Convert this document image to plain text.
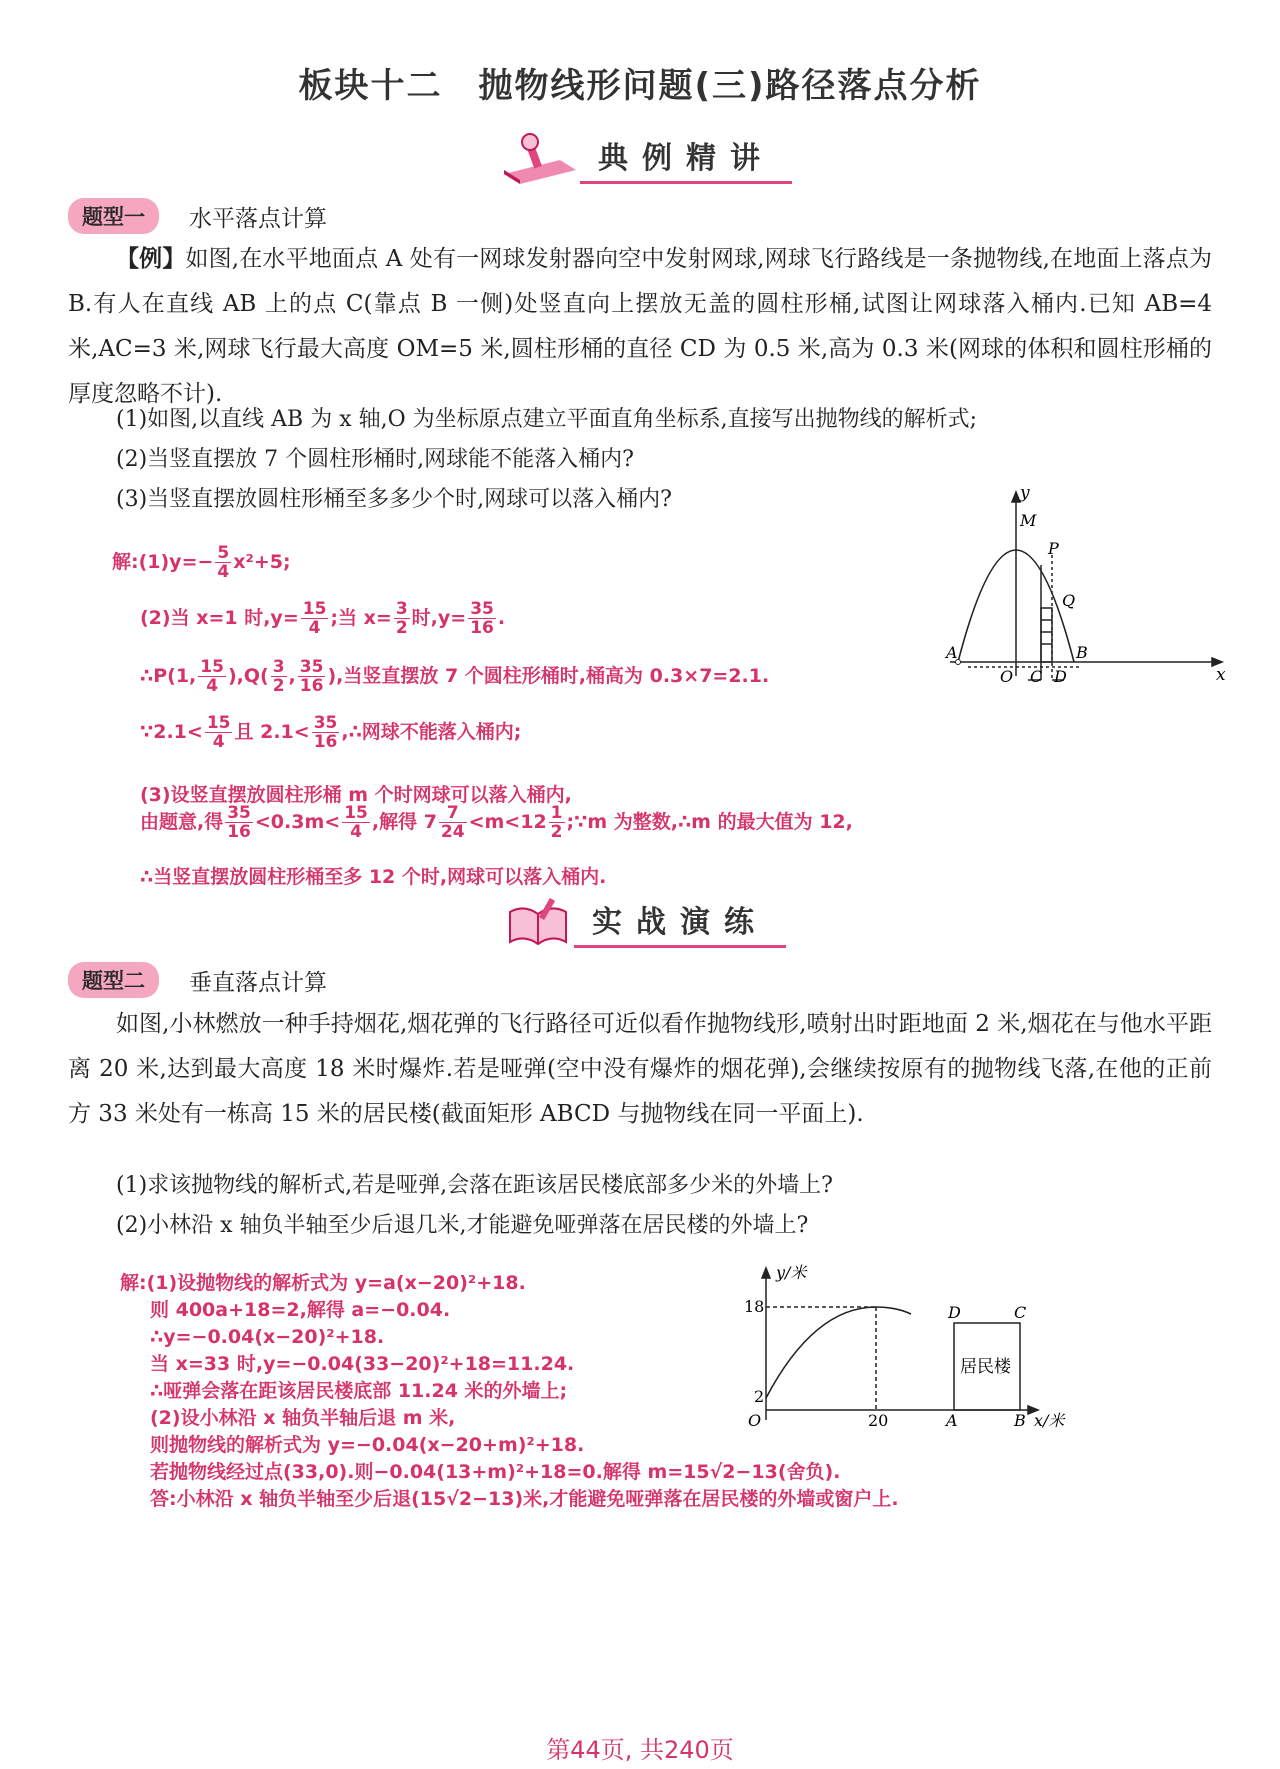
板块十二　抛物线形问题(三)路径落点分析
典例精讲
题型一	水平落点计算
【例】如图,在水平地面点 A 处有一网球发射器向空中发射网球,网球飞行路线是一条抛物线,在地面上落点为 B.有人在直线 AB 上的点 C(靠点 B 一侧)处竖直向上摆放无盖的圆柱形桶,试图让网球落入桶内.已知 AB=4 米,AC=3 米,网球飞行最大高度 OM=5 米,圆柱形桶的直径 CD 为 0.5 米,高为 0.3 米(网球的体积和圆柱形桶的厚度忽略不计).
(1)如图,以直线 AB 为 x 轴,O 为坐标原点建立平面直角坐标系,直接写出抛物线的解析式;
(2)当竖直摆放 7 个圆柱形桶时,网球能不能落入桶内?
(3)当竖直摆放圆柱形桶至多多少个时,网球可以落入桶内?
解:(1)y=− $\frac{5}{4} x^2+5$;
(2)当 x=1 时$,y= \frac{15}{4}$ ;当 $x= \frac{3}{2}$ 时$,y= \frac{35}{16}$ .
∴P(1, $\frac{15}{4} ),Q( \frac{3}{2}$ , $\frac{35}{16}$ ),当竖直摆放 7 个圆柱形桶时,桶高为 0.3×7=2.1.
∵2.1< $\frac{15}{4}$ 且 $2.1< \frac{35}{16}$ ,∴网球不能落入桶内;
(3)设竖直摆放圆柱形桶 m 个时网球可以落入桶内,
由题意,得 $\frac{35}{16} <0.3m< \frac{15}{4}$ ,解得 $7 \frac{7}{24} <m<12 \frac{1}{2}$ ;∵m 为整数,∴m 的最大值为 12,
∴当竖直摆放圆柱形桶至多 12 个时,网球可以落入桶内.
y
x
M
P
Q
A	B
O C D
实战演练
题型二	垂直落点计算
如图,小林燃放一种手持烟花,烟花弹的飞行路径可近似看作抛物线形,喷射出时距地面 2 米,烟花在与他水平距离 20 米,达到最大高度 18 米时爆炸.若是哑弹(空中没有爆炸的烟花弹),会继续按原有的抛物线飞落,在他的正前方 33 米处有一栋高 15 米的居民楼(截面矩形 ABCD 与抛物线在同一平面上).
(1)求该抛物线的解析式,若是哑弹,会落在距该居民楼底部多少米的外墙上?
(2)小林沿 x 轴负半轴至少后退几米,才能避免哑弹落在居民楼的外墙上?
解:(1)设抛物线的解析式为 y=a(x−20)²+18.
则 400a+18=2,解得 a=−0.04.
∴y=−0.04(x−20)²+18.
当 x=33 时,y=−0.04(33−20)²+18=11.24.
∴哑弹会落在距该居民楼底部 11.24 米的外墙上;
(2)设小林沿 x 轴负半轴后退 m 米,
则抛物线的解析式为 y=−0.04(x−20+m)²+18.
若抛物线经过点(33,0).则−0.04(13+m)²+18=0.解得 m=15√2−13(舍负).
答:小林沿 x 轴负半轴至少后退(15√2−13)米,才能避免哑弹落在居民楼的外墙或窗户上.
18
2
y/米
x/米
O	20	A	B
D	C
居民楼
第44页, 共240页
